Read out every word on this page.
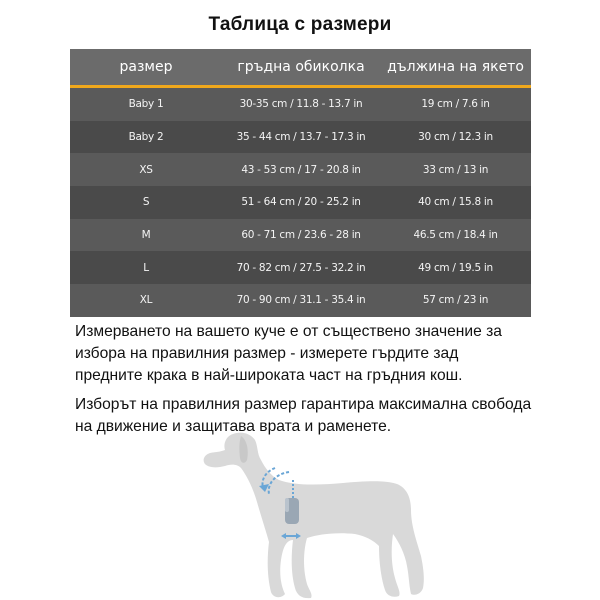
Таблица с размери
размер	гръдна обиколка	дължина на якето
Baby 1	30-35 cm / 11.8 - 13.7 in	19 cm / 7.6 in
Baby 2	35 - 44 cm / 13.7 - 17.3 in	30 cm / 12.3 in
XS	43 - 53 cm / 17 - 20.8 in	33 cm / 13 in
S	51 - 64 cm / 20 - 25.2 in	40 cm / 15.8 in
M	60 - 71 cm / 23.6 - 28 in	46.5 cm / 18.4 in
L	70 - 82 cm / 27.5 - 32.2 in	49 cm / 19.5 in
XL	70 - 90 cm / 31.1 - 35.4 in	57 cm / 23 in
Измерването на вашето куче е от съществено значение за
избора на правилния размер - измерете гърдите зад
предните крака в най-широката част на гръдния кош.
Изборът на правилния размер гарантира максимална свобода
на движение и защитава врата и раменете.
